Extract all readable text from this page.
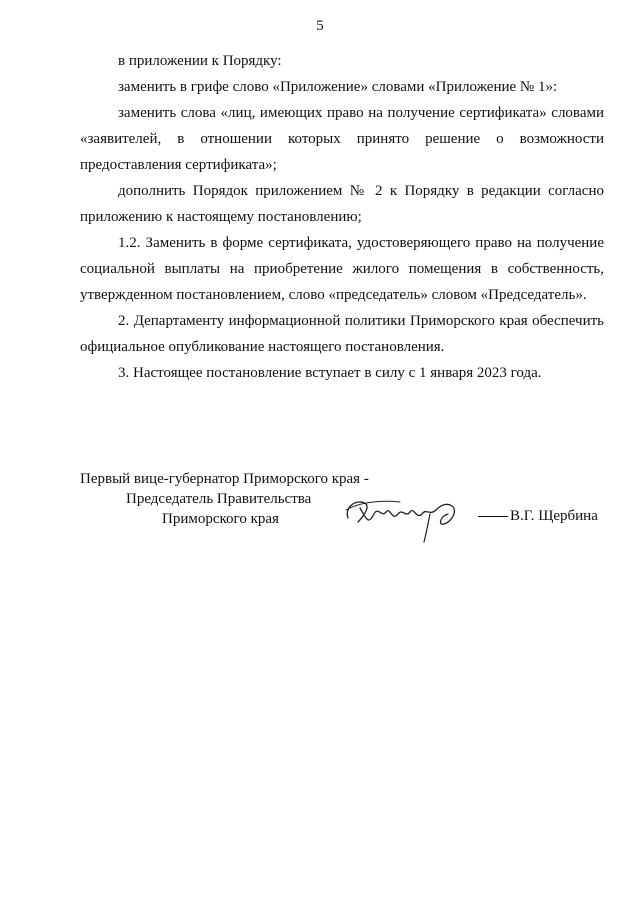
5

в приложении к Порядку:

заменить в грифе слово «Приложение» словами «Приложение № 1»:

заменить слова «лиц, имеющих право на получение сертификата» словами «заявителей, в отношении которых принято решение о возможности предоставления сертификата»;

дополнить Порядок приложением № 2 к Порядку в редакции согласно приложению к настоящему постановлению;

1.2. Заменить в форме сертификата, удостоверяющего право на получение социальной выплаты на приобретение жилого помещения в собственность, утвержденном постановлением, слово «председатель» словом «Председатель».

2. Департаменту информационной политики Приморского края обеспечить официальное опубликование настоящего постановления.

3. Настоящее постановление вступает в силу с 1 января 2023 года.

Первый вице-губернатор Приморского края -
Председатель Правительства
Приморского края	В.Г. Щербина
